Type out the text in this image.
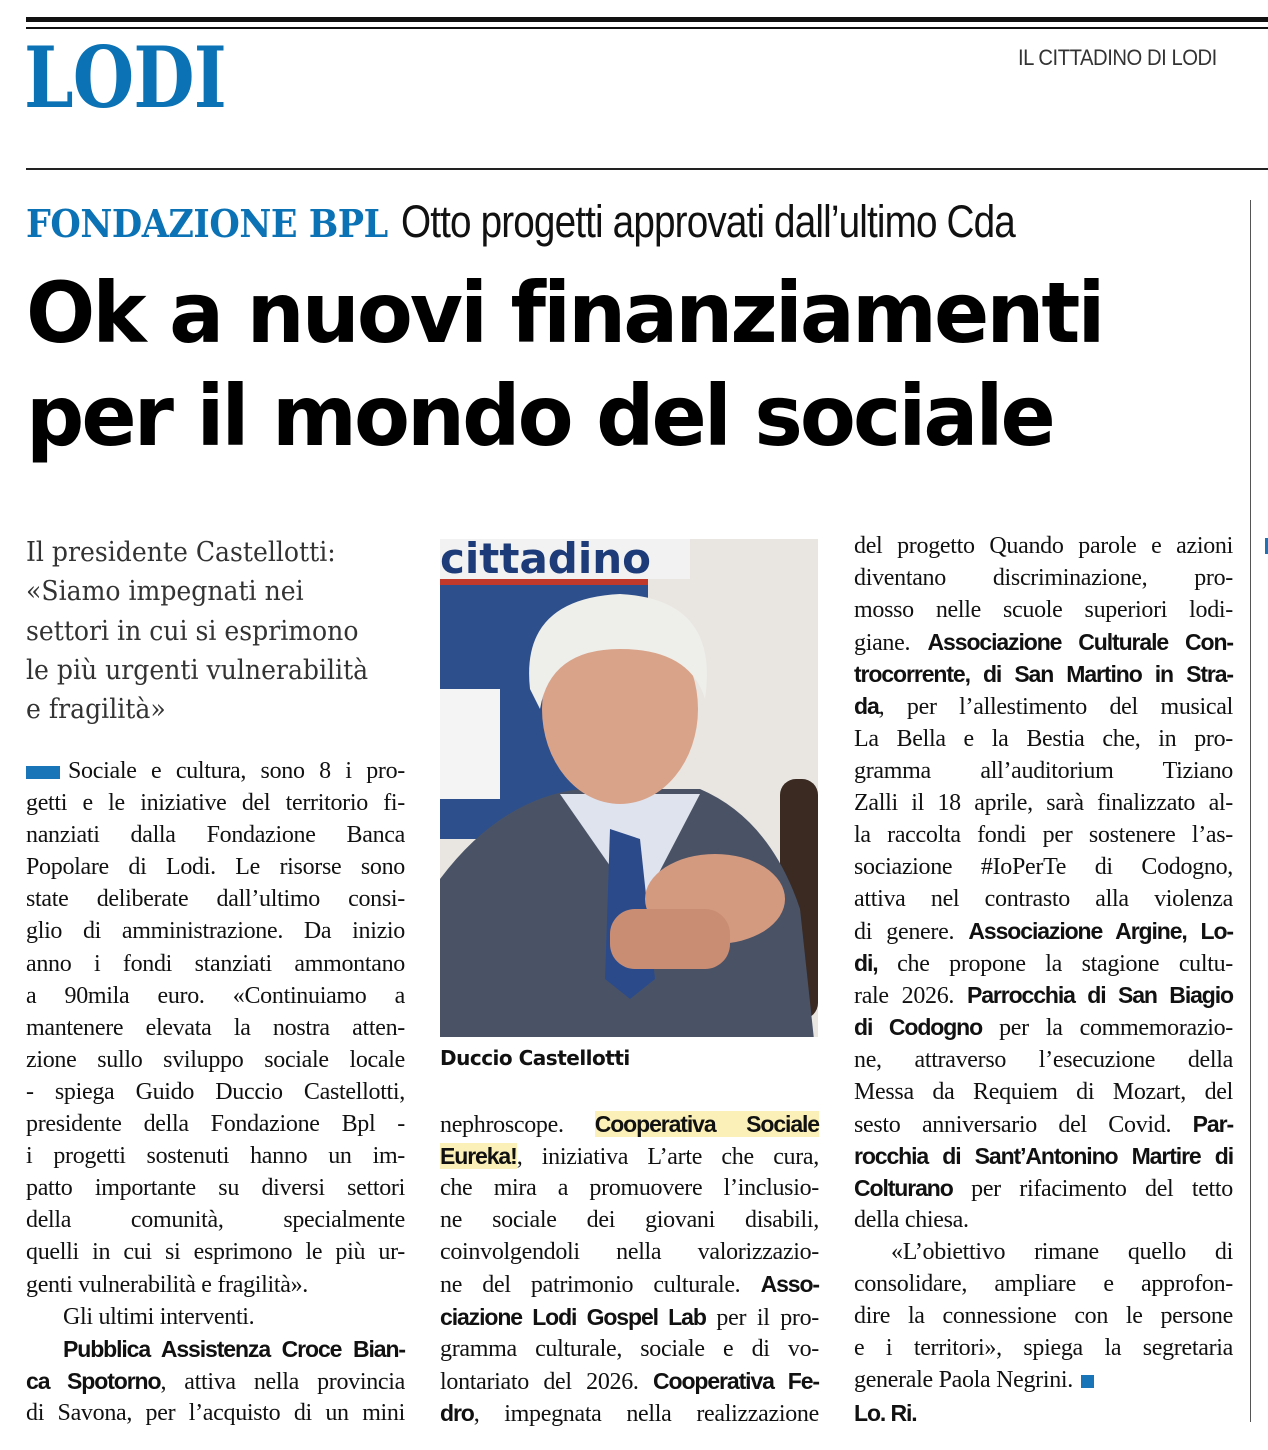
LODI	IL CITTADINO DI LODI
FONDAZIONE BPL Otto progetti approvati dall’ultimo Cda
Ok a nuovi finanziamenti
per il mondo del sociale
Il presidente Castellotti:
«Siamo impegnati nei
settori in cui si esprimono
le più urgenti vulnerabilità
e fragilità»
Sociale e cultura, sono 8 i pro-
getti e le iniziative del territorio fi-
nanziati dalla Fondazione Banca
Popolare di Lodi. Le risorse sono
state deliberate dall’ultimo consi-
glio di amministrazione. Da inizio
anno i fondi stanziati ammontano
a 90mila euro. «Continuiamo a
mantenere elevata la nostra atten-
zione sullo sviluppo sociale locale
- spiega Guido Duccio Castellotti,
presidente della Fondazione Bpl -
i progetti sostenuti hanno un im-
patto importante su diversi settori
della comunità, specialmente
quelli in cui si esprimono le più ur-
genti vulnerabilità e fragilità».
Gli ultimi interventi.
Pubblica Assistenza Croce Bian-
ca Spotorno, attiva nella provincia
di Savona, per l’acquisto di un mini
nephroscope. Cooperativa Sociale
Eureka!, iniziativa L’arte che cura,
che mira a promuovere l’inclusio-
ne sociale dei giovani disabili,
coinvolgendoli nella valorizzazio-
ne del patrimonio culturale. Asso-
ciazione Lodi Gospel Lab per il pro-
gramma culturale, sociale e di vo-
lontariato del 2026. Cooperativa Fe-
dro, impegnata nella realizzazione
del progetto Quando parole e azioni
diventano discriminazione, pro-
mosso nelle scuole superiori lodi-
giane. Associazione Culturale Con-
trocorrente, di San Martino in Stra-
da, per l’allestimento del musical
La Bella e la Bestia che, in pro-
gramma all’auditorium Tiziano
Zalli il 18 aprile, sarà finalizzato al-
la raccolta fondi per sostenere l’as-
sociazione #IoPerTe di Codogno,
attiva nel contrasto alla violenza
di genere. Associazione Argine, Lo-
di, che propone la stagione cultu-
rale 2026. Parrocchia di San Biagio
di Codogno per la commemorazio-
ne, attraverso l’esecuzione della
Messa da Requiem di Mozart, del
sesto anniversario del Covid. Par-
rocchia di Sant’Antonino Martire di
Colturano per rifacimento del tetto
della chiesa.
«L’obiettivo rimane quello di
consolidare, ampliare e approfon-
dire la connessione con le persone
e i territori», spiega la segretaria
generale Paola Negrini.
Lo. Ri.
cittadino
Duccio Castellotti
